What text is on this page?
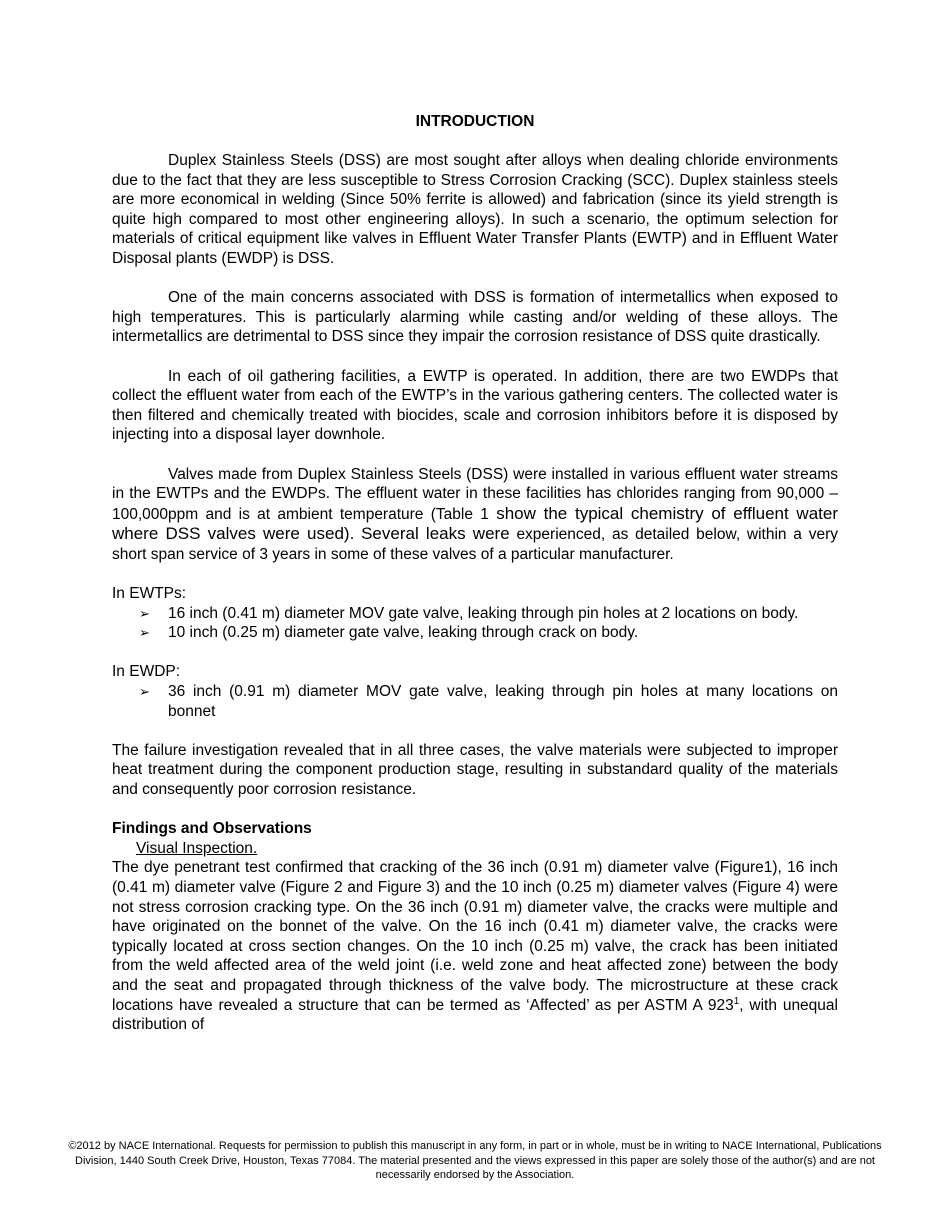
INTRODUCTION

Duplex Stainless Steels (DSS) are most sought after alloys when dealing chloride environments due to the fact that they are less susceptible to Stress Corrosion Cracking (SCC). Duplex stainless steels are more economical in welding (Since 50% ferrite is allowed) and fabrication (since its yield strength is quite high compared to most other engineering alloys). In such a scenario, the optimum selection for materials of critical equipment like valves in Effluent Water Transfer Plants (EWTP) and in Effluent Water Disposal plants (EWDP) is DSS.

One of the main concerns associated with DSS is formation of intermetallics when exposed to high temperatures. This is particularly alarming while casting and/or welding of these alloys. The intermetallics are detrimental to DSS since they impair the corrosion resistance of DSS quite drastically.

In each of oil gathering facilities, a EWTP is operated. In addition, there are two EWDPs that collect the effluent water from each of the EWTP’s in the various gathering centers. The collected water is then filtered and chemically treated with biocides, scale and corrosion inhibitors before it is disposed by injecting into a disposal layer downhole.

Valves made from Duplex Stainless Steels (DSS) were installed in various effluent water streams in the EWTPs and the EWDPs. The effluent water in these facilities has chlorides ranging from 90,000 – 100,000ppm and is at ambient temperature (Table 1 show the typical chemistry of effluent water where DSS valves were used). Several leaks were experienced, as detailed below, within a very short span service of 3 years in some of these valves of a particular manufacturer.

In EWTPs:
➢ 16 inch (0.41 m) diameter MOV gate valve, leaking through pin holes at 2 locations on body.
➢ 10 inch (0.25 m) diameter gate valve, leaking through crack on body.
In EWDP:
➢ 36 inch (0.91 m) diameter MOV gate valve, leaking through pin holes at many locations on bonnet

The failure investigation revealed that in all three cases, the valve materials were subjected to improper heat treatment during the component production stage, resulting in substandard quality of the materials and consequently poor corrosion resistance.

Findings and Observations
Visual Inspection.

The dye penetrant test confirmed that cracking of the 36 inch (0.91 m) diameter valve (Figure1), 16 inch (0.41 m) diameter valve (Figure 2 and Figure 3) and the 10 inch (0.25 m) diameter valves (Figure 4) were not stress corrosion cracking type. On the 36 inch (0.91 m) diameter valve, the cracks were multiple and have originated on the bonnet of the valve. On the 16 inch (0.41 m) diameter valve, the cracks were typically located at cross section changes. On the 10 inch (0.25 m) valve, the crack has been initiated from the weld affected area of the weld joint (i.e. weld zone and heat affected zone) between the body and the seat and propagated through thickness of the valve body. The microstructure at these crack locations have revealed a structure that can be termed as ‘Affected’ as per ASTM A $923^1$, with unequal distribution of

©2012 by NACE International. Requests for permission to publish this manuscript in any form, in part or in whole, must be in writing to NACE International, Publications Division, 1440 South Creek Drive, Houston, Texas 77084. The material presented and the views expressed in this paper are solely those of the author(s) and are not necessarily endorsed by the Association.
